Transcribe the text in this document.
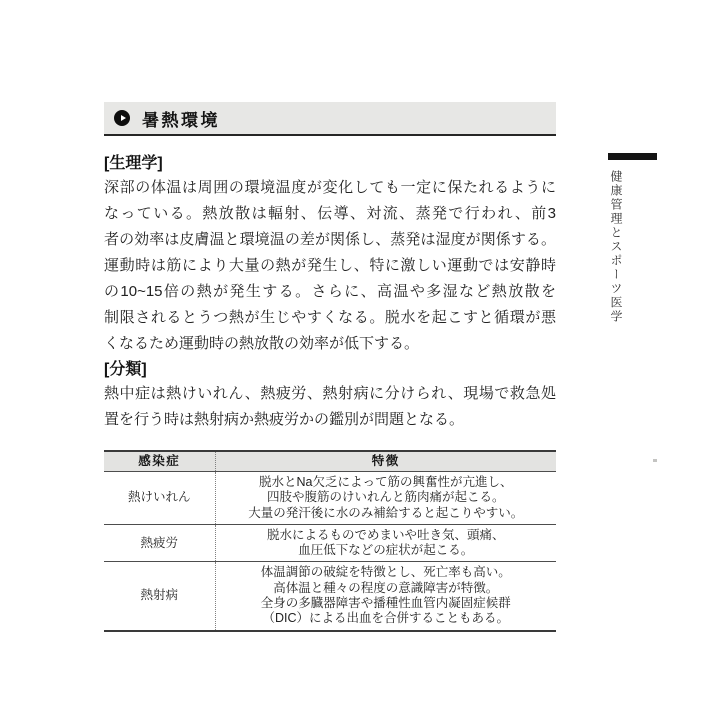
暑熱環境
[生理学]
深部の体温は周囲の環境温度が変化しても一定に保たれるように
なっている。熱放散は輻射、伝導、対流、蒸発で行われ、前3
者の効率は皮膚温と環境温の差が関係し、蒸発は湿度が関係する。
運動時は筋により大量の熱が発生し、特に激しい運動では安静時
の10~15倍の熱が発生する。さらに、高温や多湿など熱放散を
制限されるとうつ熱が生じやすくなる。脱水を起こすと循環が悪
くなるため運動時の熱放散の効率が低下する。
[分類]
熱中症は熱けいれん、熱疲労、熱射病に分けられ、現場で救急処
置を行う時は熱射病か熱疲労かの鑑別が問題となる。
感染症	特徴
熱けいれん	脱水とNa欠乏によって筋の興奮性が亢進し、
四肢や腹筋のけいれんと筋肉痛が起こる。
大量の発汗後に水のみ補給すると起こりやすい。

熱疲労	脱水によるものでめまいや吐き気、頭痛、
血圧低下などの症状が起こる。

熱射病	体温調節の破綻を特徴とし、死亡率も高い。
高体温と種々の程度の意識障害が特徴。
全身の多臓器障害や播種性血管内凝固症候群
（DIC）による出血を合併することもある。
健康管理とスポーツ医学
